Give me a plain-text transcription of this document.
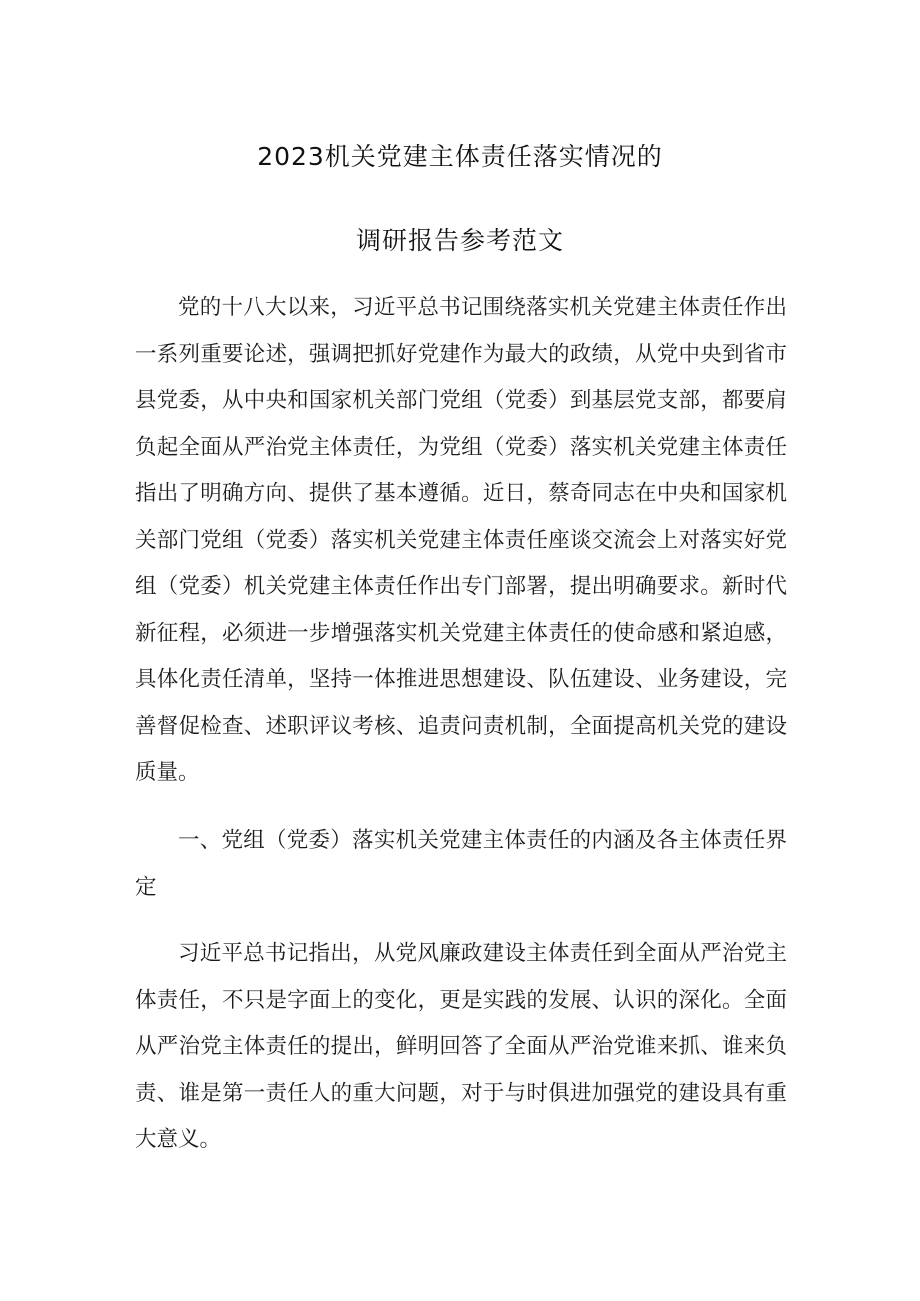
2023机关党建主体责任落实情况的
调研报告参考范文

党的十八大以来，习近平总书记围绕落实机关党建主体责任作出一系列重要论述，强调把抓好党建作为最大的政绩，从党中央到省市县党委，从中央和国家机关部门党组（党委）到基层党支部，都要肩负起全面从严治党主体责任，为党组（党委）落实机关党建主体责任指出了明确方向、提供了基本遵循。近日，蔡奇同志在中央和国家机关部门党组（党委）落实机关党建主体责任座谈交流会上对落实好党组（党委）机关党建主体责任作出专门部署，提出明确要求。新时代新征程，必须进一步增强落实机关党建主体责任的使命感和紧迫感，具体化责任清单，坚持一体推进思想建设、队伍建设、业务建设，完善督促检查、述职评议考核、追责问责机制，全面提高机关党的建设质量。

一、党组（党委）落实机关党建主体责任的内涵及各主体责任界定

习近平总书记指出，从党风廉政建设主体责任到全面从严治党主体责任，不只是字面上的变化，更是实践的发展、认识的深化。全面从严治党主体责任的提出，鲜明回答了全面从严治党谁来抓、谁来负责、谁是第一责任人的重大问题，对于与时俱进加强党的建设具有重大意义。
